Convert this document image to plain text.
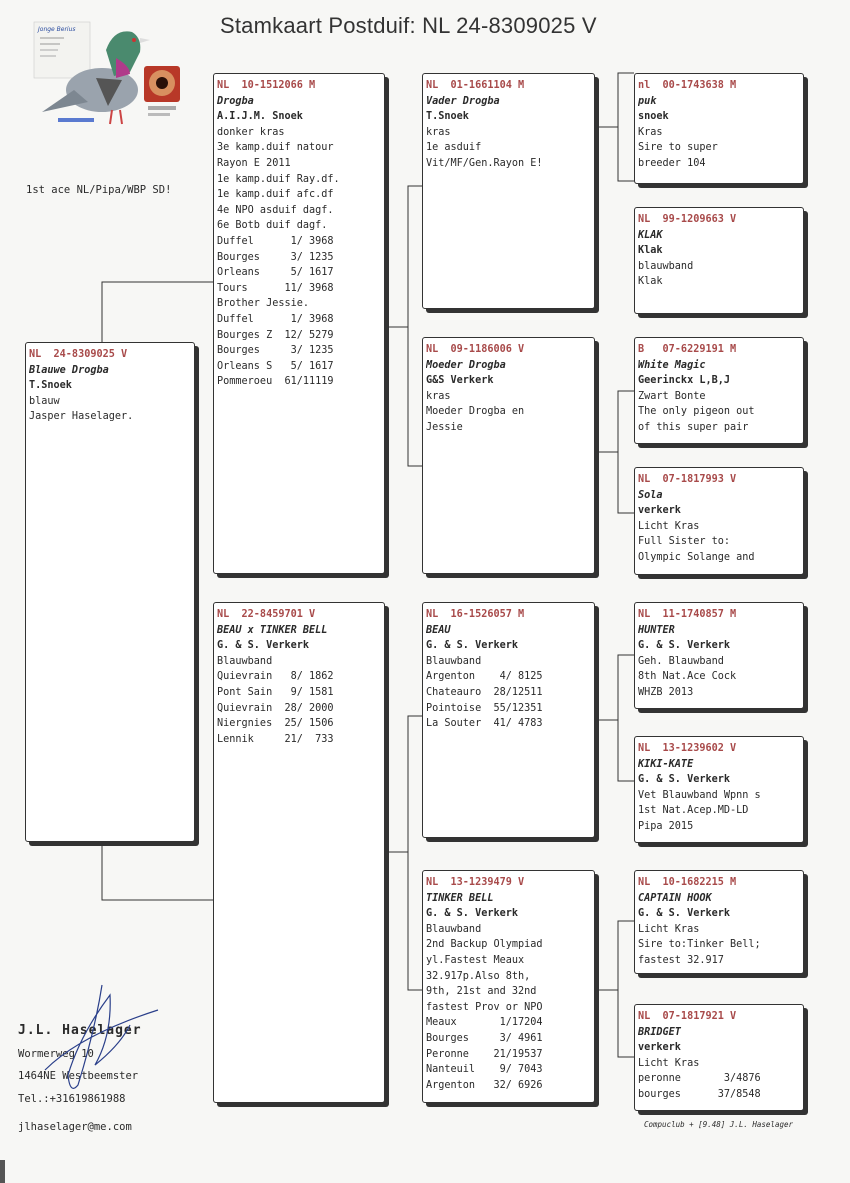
Stamkaart Postduif: NL 24-8309025 V
Jonge Berius
1st ace NL/Pipa/WBP SD!
NL  24-8309025 V
Blauwe Drogba
T.Snoek
blauw
Jasper Haselager.
NL  10-1512066 M
Drogba
A.I.J.M. Snoek
donker kras
3e kamp.duif natour
Rayon E 2011
1e kamp.duif Ray.df.
1e kamp.duif afc.df
4e NPO asduif dagf.
6e Botb duif dagf.
Duffel      1/ 3968
Bourges     3/ 1235
Orleans     5/ 1617
Tours      11/ 3968
Brother Jessie.
Duffel      1/ 3968
Bourges Z  12/ 5279
Bourges     3/ 1235
Orleans S   5/ 1617
Pommeroeu  61/11119
NL  22-8459701 V
BEAU x TINKER BELL
G. & S. Verkerk
Blauwband
Quievrain   8/ 1862
Pont Sain   9/ 1581
Quievrain  28/ 2000
Niergnies  25/ 1506
Lennik     21/  733
NL  01-1661104 M
Vader Drogba
T.Snoek
kras
1e asduif
Vit/MF/Gen.Rayon E!
NL  09-1186006 V
Moeder Drogba
G&S Verkerk
kras
Moeder Drogba en
Jessie
NL  16-1526057 M
BEAU
G. & S. Verkerk
Blauwband
Argenton    4/ 8125
Chateauro  28/12511
Pointoise  55/12351
La Souter  41/ 4783
NL  13-1239479 V
TINKER BELL
G. & S. Verkerk
Blauwband
2nd Backup Olympiad
yl.Fastest Meaux
32.917p.Also 8th,
9th, 21st and 32nd
fastest Prov or NPO
Meaux       1/17204
Bourges     3/ 4961
Peronne    21/19537
Nanteuil    9/ 7043
Argenton   32/ 6926
nl  00-1743638 M
puk
snoek
Kras
Sire to super
breeder 104
NL  99-1209663 V
KLAK
Klak
blauwband
Klak
B   07-6229191 M
White Magic
Geerinckx L,B,J
Zwart Bonte
The only pigeon out
of this super pair
NL  07-1817993 V
Sola
verkerk
Licht Kras
Full Sister to:
Olympic Solange and
NL  11-1740857 M
HUNTER
G. & S. Verkerk
Geh. Blauwband
8th Nat.Ace Cock
WHZB 2013
NL  13-1239602 V
KIKI-KATE
G. & S. Verkerk
Vet Blauwband Wpnn s
1st Nat.Acep.MD-LD
Pipa 2015
NL  10-1682215 M
CAPTAIN HOOK
G. & S. Verkerk
Licht Kras
Sire to:Tinker Bell;
fastest 32.917
NL  07-1817921 V
BRIDGET
verkerk
Licht Kras
peronne       3/4876
bourges      37/8548
J.L. Haselager
Wormerweg 10
1464NE Westbeemster
Tel.:+31619861988
jlhaselager@me.com	Compuclub + [9.48] J.L. Haselager
